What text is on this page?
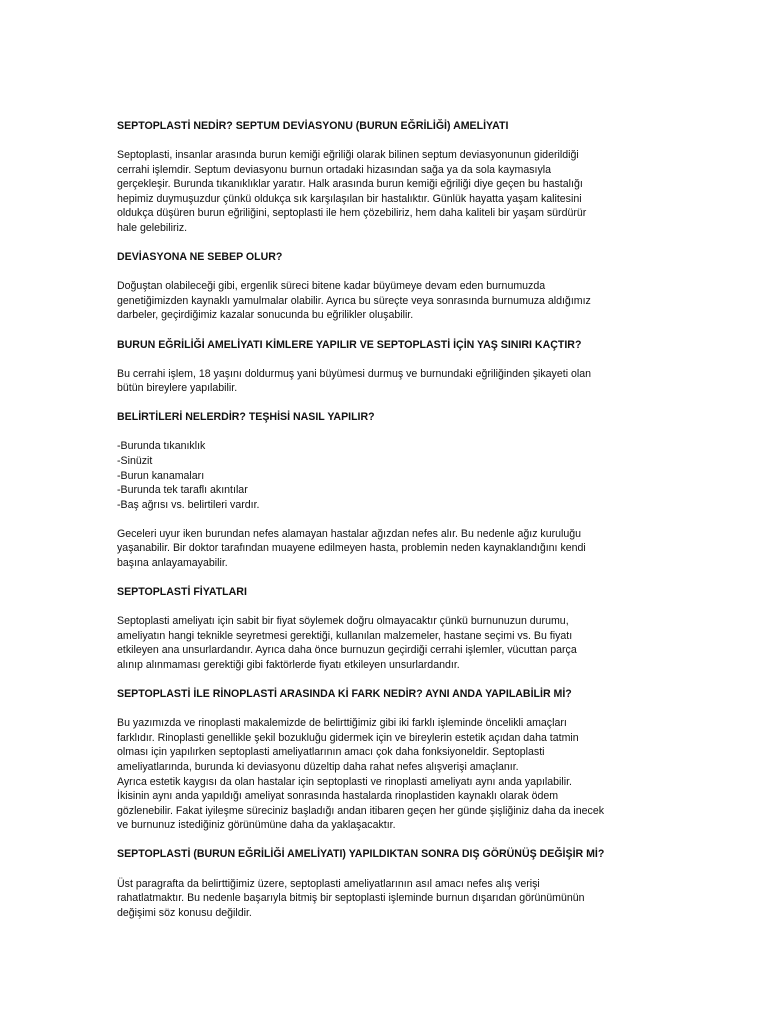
SEPTOPLASTİ NEDİR? SEPTUM DEVİASYONU (BURUN EĞRİLİĞİ) AMELİYATI
Septoplasti, insanlar arasında burun kemiği eğriliği olarak bilinen septum deviasyonunun giderildiği
cerrahi işlemdir. Septum deviasyonu burnun ortadaki hizasından sağa ya da sola kaymasıyla
gerçekleşir. Burunda tıkanıklıklar yaratır. Halk arasında burun kemiği eğriliği diye geçen bu hastalığı
hepimiz duymuşuzdur çünkü oldukça sık karşılaşılan bir hastalıktır. Günlük hayatta yaşam kalitesini
oldukça düşüren burun eğriliğini, septoplasti ile hem çözebiliriz, hem daha kaliteli bir yaşam sürdürür
hale gelebiliriz.
DEVİASYONA NE SEBEP OLUR?
Doğuştan olabileceği gibi, ergenlik süreci bitene kadar büyümeye devam eden burnumuzda
genetiğimizden kaynaklı yamulmalar olabilir. Ayrıca bu süreçte veya sonrasında burnumuza aldığımız
darbeler, geçirdiğimiz kazalar sonucunda bu eğrilikler oluşabilir.
BURUN EĞRİLİĞİ AMELİYATI KİMLERE YAPILIR VE SEPTOPLASTİ İÇİN YAŞ SINIRI KAÇTIR?
Bu cerrahi işlem, 18 yaşını doldurmuş yani büyümesi durmuş ve burnundaki eğriliğinden şikayeti olan
bütün bireylere yapılabilir.
BELİRTİLERİ NELERDİR? TEŞHİSİ NASIL YAPILIR?
-Burunda tıkanıklık
-Sinüzit
-Burun kanamaları
-Burunda tek taraflı akıntılar
-Baş ağrısı vs. belirtileri vardır.
Geceleri uyur iken burundan nefes alamayan hastalar ağızdan nefes alır. Bu nedenle ağız kuruluğu
yaşanabilir. Bir doktor tarafından muayene edilmeyen hasta, problemin neden kaynaklandığını kendi
başına anlayamayabilir.
SEPTOPLASTİ FİYATLARI
Septoplasti ameliyatı için sabit bir fiyat söylemek doğru olmayacaktır çünkü burnunuzun durumu,
ameliyatın hangi teknikle seyretmesi gerektiği, kullanılan malzemeler, hastane seçimi vs. Bu fiyatı
etkileyen ana unsurlardandır. Ayrıca daha önce burnuzun geçirdiği cerrahi işlemler, vücuttan parça
alınıp alınmaması gerektiği gibi faktörlerde fiyatı etkileyen unsurlardandır.
SEPTOPLASTİ İLE RİNOPLASTİ ARASINDA Kİ FARK NEDİR? AYNI ANDA YAPILABİLİR Mİ?
Bu yazımızda ve rinoplasti makalemizde de belirttiğimiz gibi iki farklı işleminde öncelikli amaçları
farklıdır. Rinoplasti genellikle şekil bozukluğu gidermek için ve bireylerin estetik açıdan daha tatmin
olması için yapılırken septoplasti ameliyatlarının amacı çok daha fonksiyoneldir. Septoplasti
ameliyatlarında, burunda ki deviasyonu düzeltip daha rahat nefes alışverişi amaçlanır.
Ayrıca estetik kaygısı da olan hastalar için septoplasti ve rinoplasti ameliyatı aynı anda yapılabilir.
İkisinin aynı anda yapıldığı ameliyat sonrasında hastalarda rinoplastiden kaynaklı olarak ödem
gözlenebilir. Fakat iyileşme süreciniz başladığı andan itibaren geçen her günde şişliğiniz daha da inecek
ve burnunuz istediğiniz görünümüne daha da yaklaşacaktır.
SEPTOPLASTİ (BURUN EĞRİLİĞİ AMELİYATI) YAPILDIKTAN SONRA DIŞ GÖRÜNÜŞ DEĞİŞİR Mİ?
Üst paragrafta da belirttiğimiz üzere, septoplasti ameliyatlarının asıl amacı nefes alış verişi
rahatlatmaktır. Bu nedenle başarıyla bitmiş bir septoplasti işleminde burnun dışarıdan görünümünün
değişimi söz konusu değildir.
